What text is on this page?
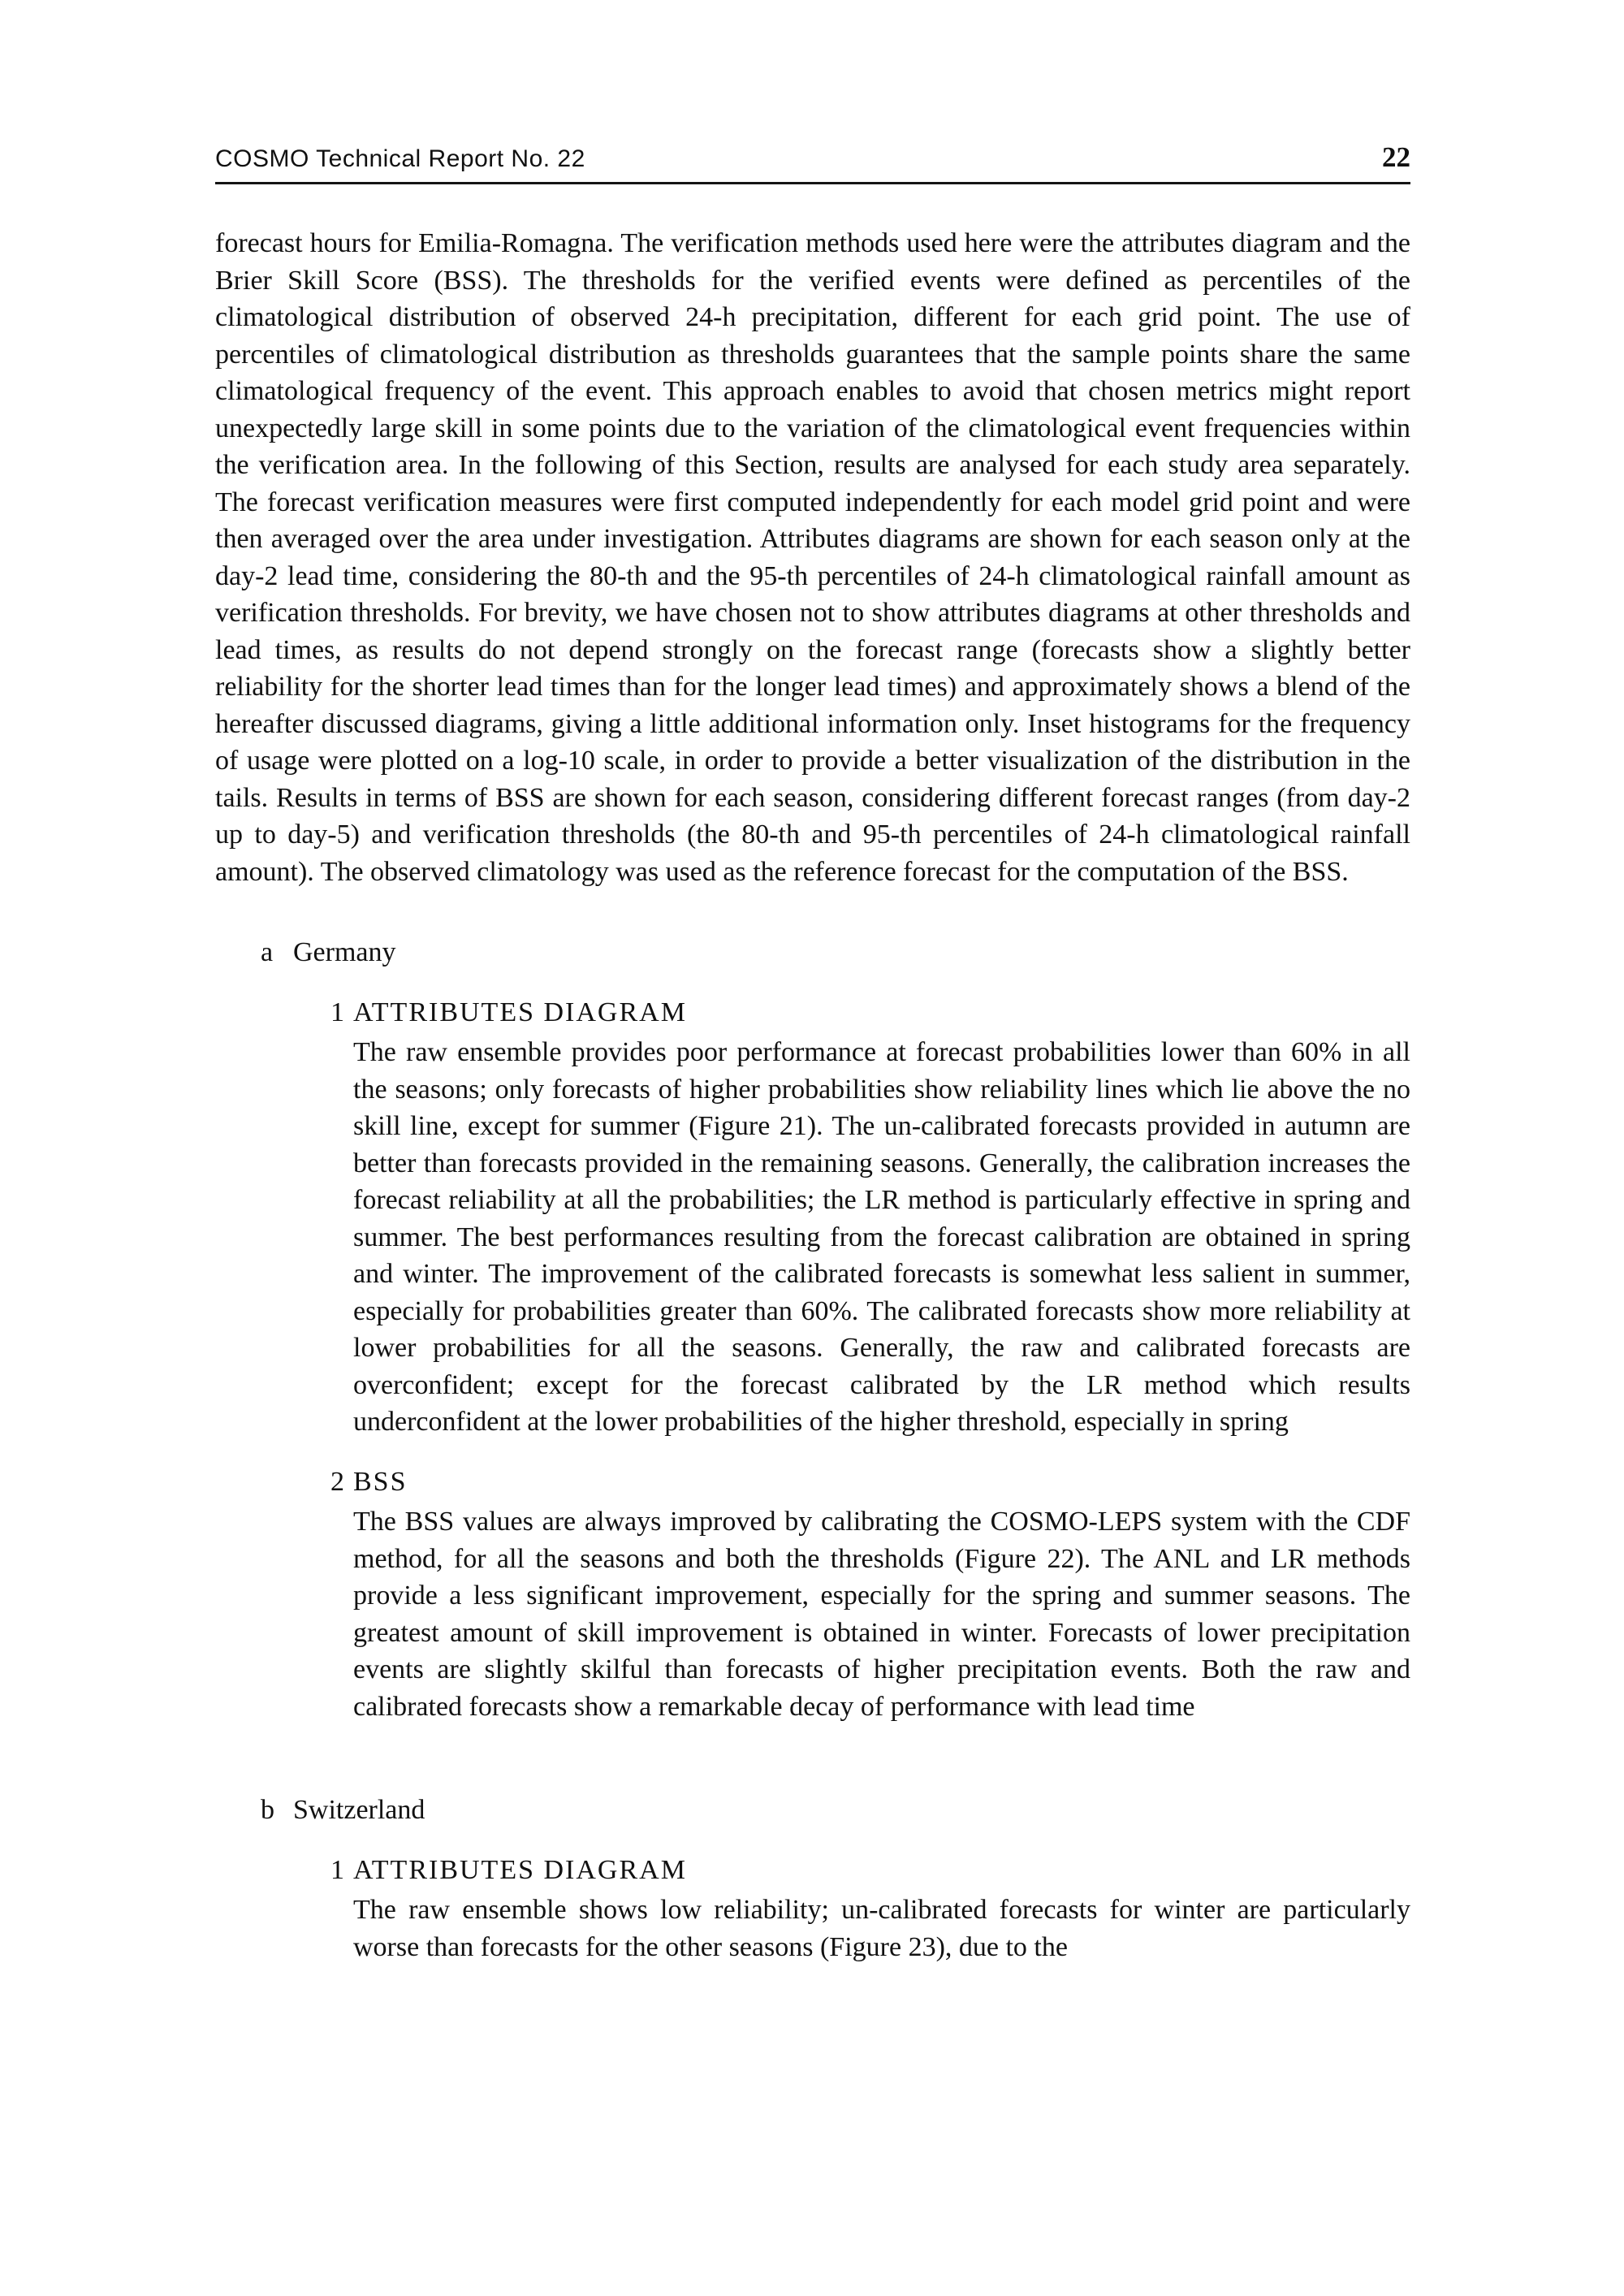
COSMO Technical Report No. 22	22
forecast hours for Emilia-Romagna. The verification methods used here were the attributes diagram and the Brier Skill Score (BSS). The thresholds for the verified events were defined as percentiles of the climatological distribution of observed 24-h precipitation, different for each grid point. The use of percentiles of climatological distribution as thresholds guarantees that the sample points share the same climatological frequency of the event. This approach enables to avoid that chosen metrics might report unexpectedly large skill in some points due to the variation of the climatological event frequencies within the verification area. In the following of this Section, results are analysed for each study area separately. The forecast verification measures were first computed independently for each model grid point and were then averaged over the area under investigation. Attributes diagrams are shown for each season only at the day-2 lead time, considering the 80-th and the 95-th percentiles of 24-h climatological rainfall amount as verification thresholds. For brevity, we have chosen not to show attributes diagrams at other thresholds and lead times, as results do not depend strongly on the forecast range (forecasts show a slightly better reliability for the shorter lead times than for the longer lead times) and approximately shows a blend of the hereafter discussed diagrams, giving a little additional information only. Inset histograms for the frequency of usage were plotted on a log-10 scale, in order to provide a better visualization of the distribution in the tails. Results in terms of BSS are shown for each season, considering different forecast ranges (from day-2 up to day-5) and verification thresholds (the 80-th and 95-th percentiles of 24-h climatological rainfall amount). The observed climatology was used as the reference forecast for the computation of the BSS.
a Germany
1 ATTRIBUTES DIAGRAM
The raw ensemble provides poor performance at forecast probabilities lower than 60% in all the seasons; only forecasts of higher probabilities show reliability lines which lie above the no skill line, except for summer (Figure 21). The un-calibrated forecasts provided in autumn are better than forecasts provided in the remaining seasons. Generally, the calibration increases the forecast reliability at all the probabilities; the LR method is particularly effective in spring and summer. The best performances resulting from the forecast calibration are obtained in spring and winter. The improvement of the calibrated forecasts is somewhat less salient in summer, especially for probabilities greater than 60%. The calibrated forecasts show more reliability at lower probabilities for all the seasons. Generally, the raw and calibrated forecasts are overconfident; except for the forecast calibrated by the LR method which results underconfident at the lower probabilities of the higher threshold, especially in spring
2 BSS
The BSS values are always improved by calibrating the COSMO-LEPS system with the CDF method, for all the seasons and both the thresholds (Figure 22). The ANL and LR methods provide a less significant improvement, especially for the spring and summer seasons. The greatest amount of skill improvement is obtained in winter. Forecasts of lower precipitation events are slightly skilful than forecasts of higher precipitation events. Both the raw and calibrated forecasts show a remarkable decay of performance with lead time
b Switzerland
1 ATTRIBUTES DIAGRAM
The raw ensemble shows low reliability; un-calibrated forecasts for winter are particularly worse than forecasts for the other seasons (Figure 23), due to the
